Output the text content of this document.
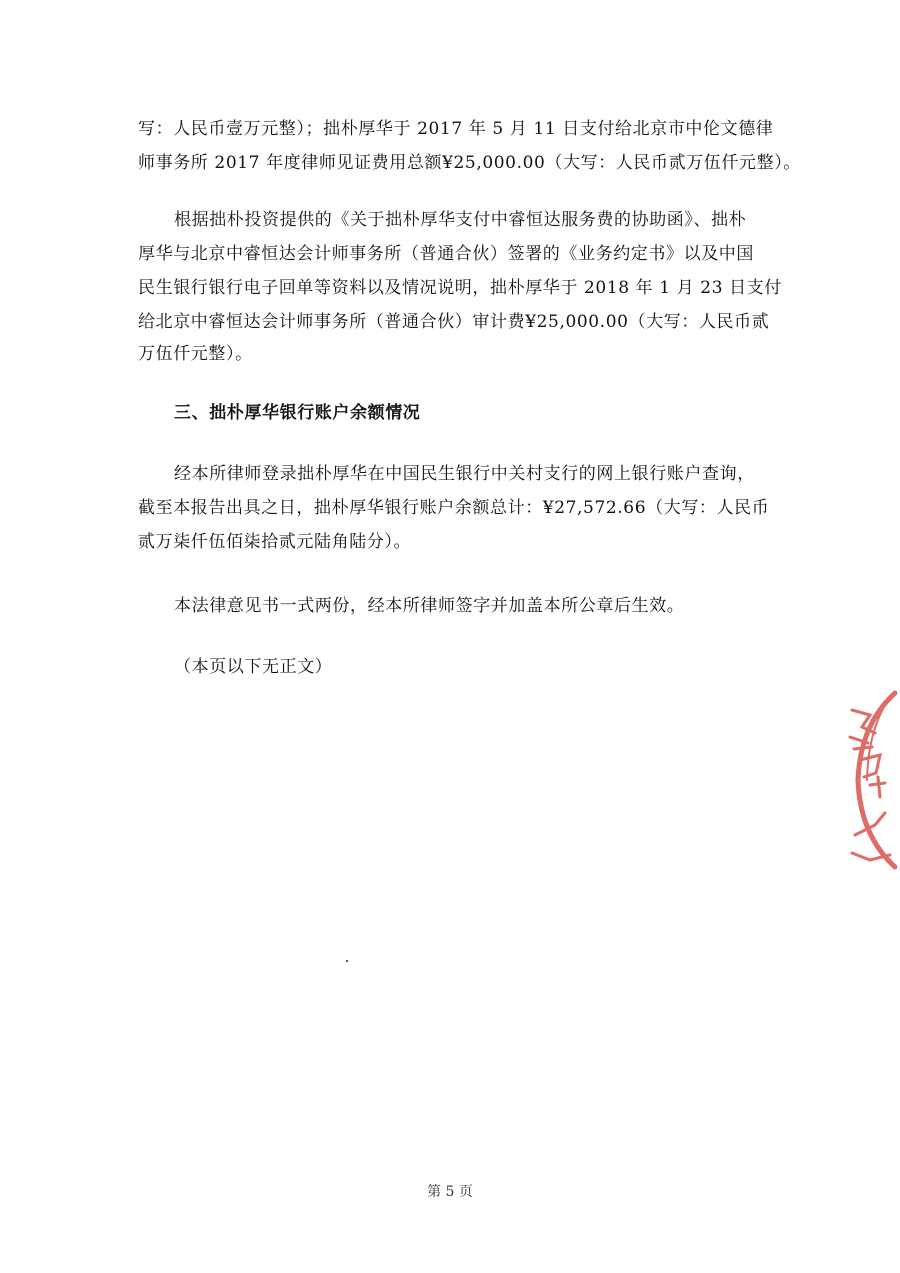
写：人民币壹万元整）；拙朴厚华于 2017 年 5 月 11 日支付给北京市中伦文德律
师事务所 2017 年度律师见证费用总额¥25,000.00（大写：人民币贰万伍仟元整）。
根据拙朴投资提供的《关于拙朴厚华支付中睿恒达服务费的协助函》、拙朴
厚华与北京中睿恒达会计师事务所（普通合伙）签署的《业务约定书》以及中国
民生银行银行电子回单等资料以及情况说明，拙朴厚华于 2018 年 1 月 23 日支付
给北京中睿恒达会计师事务所（普通合伙）审计费¥25,000.00（大写：人民币贰
万伍仟元整）。
三、拙朴厚华银行账户余额情况
经本所律师登录拙朴厚华在中国民生银行中关村支行的网上银行账户查询，
截至本报告出具之日，拙朴厚华银行账户余额总计：¥27,572.66（大写：人民币
贰万柒仟伍佰柒拾贰元陆角陆分）。
本法律意见书一式两份，经本所律师签字并加盖本所公章后生效。
（本页以下无正文）
第 5 页
